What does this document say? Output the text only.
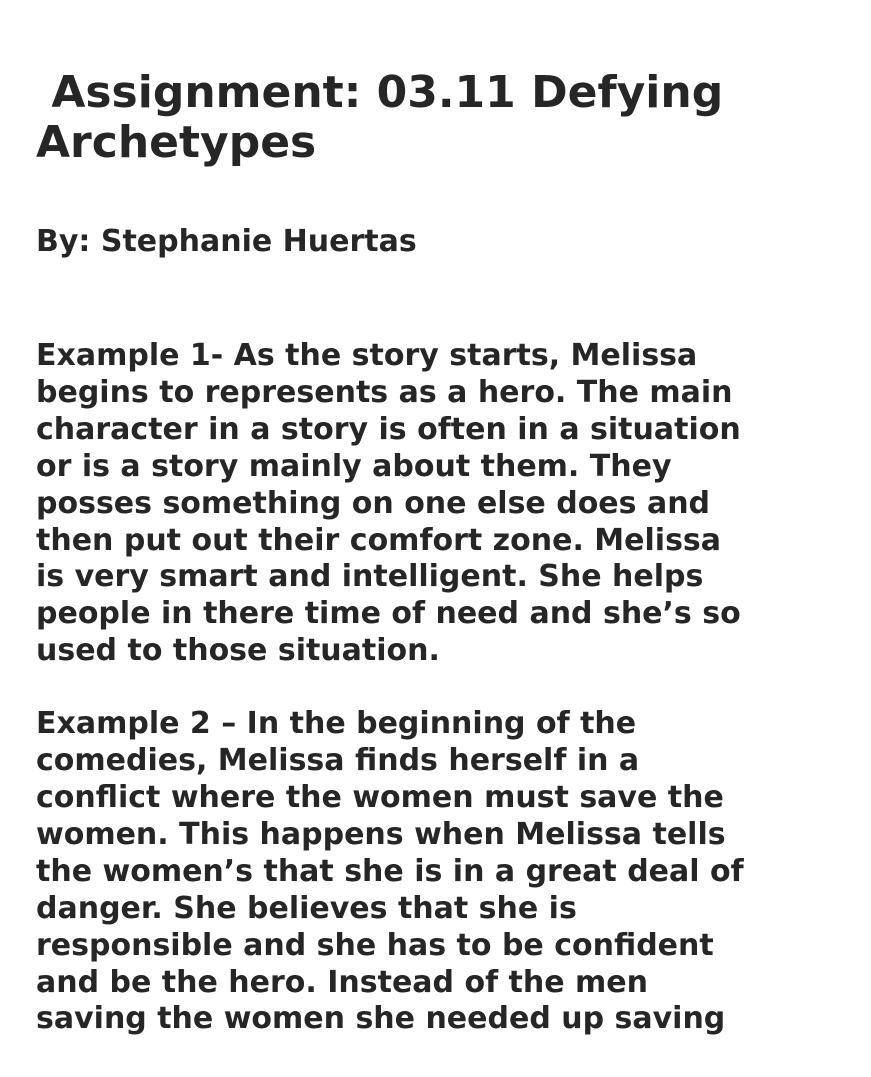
Assignment: 03.11 Defying
Archetypes

By: Stephanie Huertas

Example 1- As the story starts, Melissa
begins to represents as a hero. The main
character in a story is often in a situation
or is a story mainly about them. They
posses something on one else does and
then put out their comfort zone. Melissa
is very smart and intelligent. She helps
people in there time of need and she’s so
used to those situation.

Example 2 – In the beginning of the
comedies, Melissa finds herself in a
conflict where the women must save the
women. This happens when Melissa tells
the women’s that she is in a great deal of
danger. She believes that she is
responsible and she has to be confident
and be the hero. Instead of the men
saving the women she needed up saving
